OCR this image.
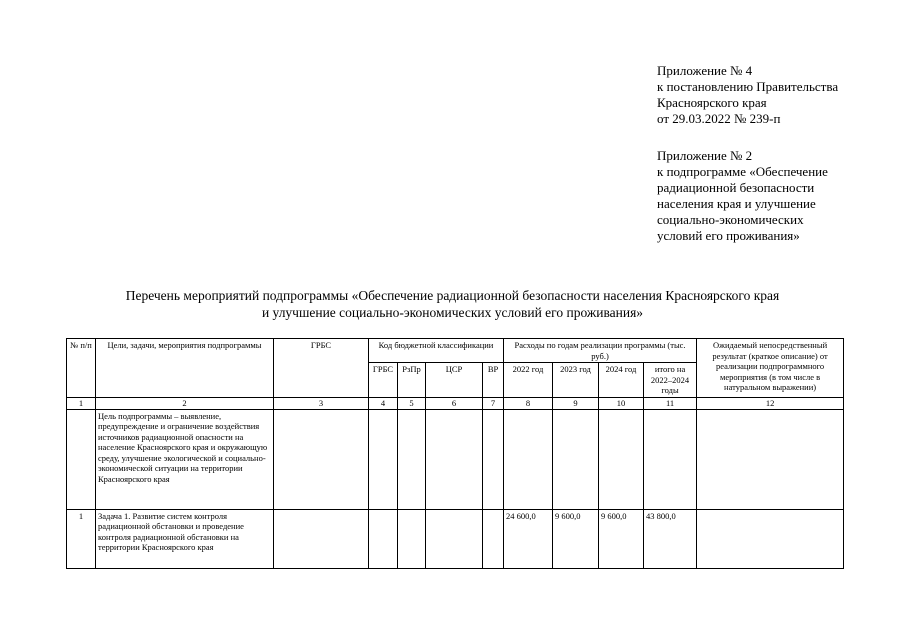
Приложение № 4
к постановлению Правительства
Красноярского края
от 29.03.2022 № 239-п
Приложение № 2
к подпрограмме «Обеспечение
радиационной безопасности
населения края и улучшение
социально-экономических
условий его проживания»
Перечень мероприятий подпрограммы «Обеспечение радиационной безопасности населения Красноярского края
и улучшение социально-экономических условий его проживания»
№ п/п	Цели, задачи, мероприятия подпрограммы	ГРБС	Код бюджетной классификации				Расходы по годам реализации программы (тыс. руб.)				Ожидаемый непосредственный результат (краткое описание) от реализации подпрограммного мероприятия (в том числе в натуральном выражении)
			ГРБС	РзПр	ЦСР	ВР	2022 год	2023 год	2024 год	итого на 2022–2024 годы	
1	2	3	4	5	6	7	8	9	10	11	12
	Цель подпрограммы – выявление, предупреждение и ограничение воздействия источников радиационной опасности на население Красноярского края и окружающую среду, улучшение экологической и социально-экономической ситуации на территории Красноярского края										
1	Задача 1. Развитие систем контроля радиационной обстановки и проведение контроля радиационной обстановки на территории Красноярского края						24 600,0	9 600,0	9 600,0	43 800,0	
